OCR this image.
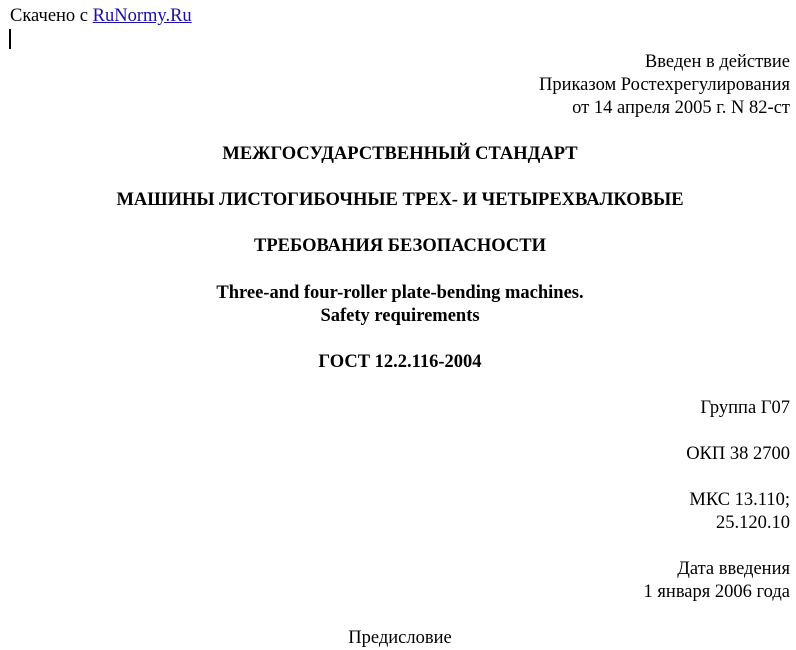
Скачено с RuNormy.Ru
Введен в действие
Приказом Ростехрегулирования
от 14 апреля 2005 г. N 82-ст
МЕЖГОСУДАРСТВЕННЫЙ СТАНДАРТ
МАШИНЫ ЛИСТОГИБОЧНЫЕ ТРЕХ- И ЧЕТЫРЕХВАЛКОВЫЕ
ТРЕБОВАНИЯ БЕЗОПАСНОСТИ
Three-and four-roller plate-bending machines.
Safety requirements
ГОСТ 12.2.116-2004
Группа Г07
ОКП 38 2700
МКС 13.110;
25.120.10
Дата введения
1 января 2006 года
Предисловие
